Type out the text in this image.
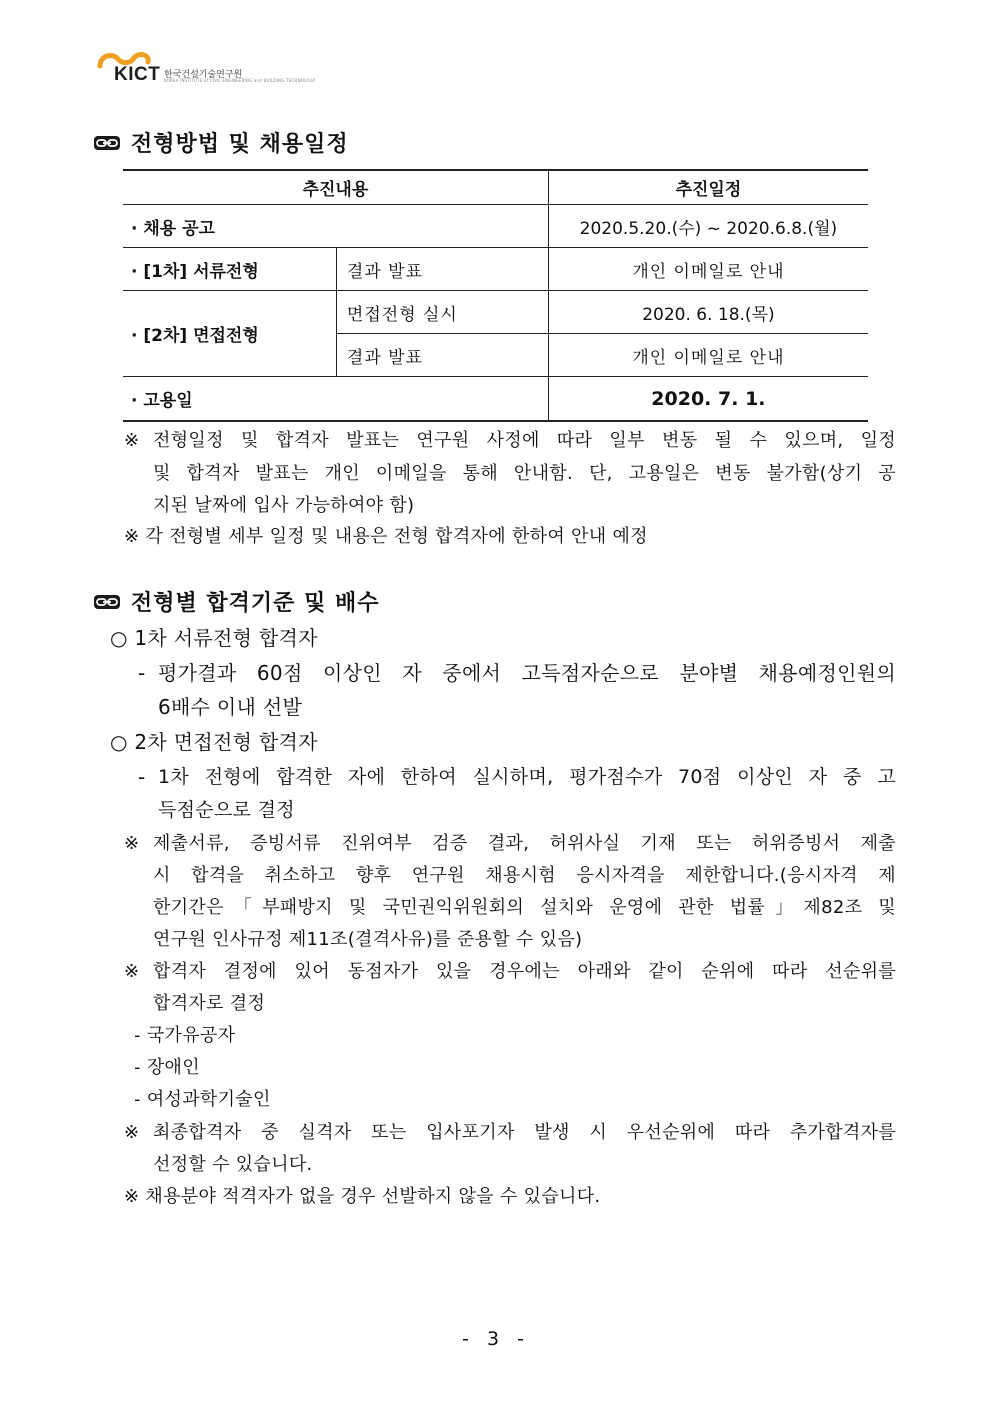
KICT 한국건설기술연구원
KOREA INSTITUTE of CIVIL ENGINEERING and BUILDING TECHNOLOGY
전형방법 및 채용일정
추진내용		추진일정
· 채용 공고		2020.5.20.(수) ~ 2020.6.8.(월)
· [1차] 서류전형	결과 발표	개인 이메일로 안내
· [2차] 면접전형	면접전형 실시	2020. 6. 18.(목)
	결과 발표	개인 이메일로 안내
· 고용일		2020. 7. 1.
※ 전형일정 및 합격자 발표는 연구원 사정에 따라 일부 변동 될 수 있으며, 일정
및 합격자 발표는 개인 이메일을 통해 안내함. 단, 고용일은 변동 불가함(상기 공
지된 날짜에 입사 가능하여야 함)
※ 각 전형별 세부 일정 및 내용은 전형 합격자에 한하여 안내 예정
전형별 합격기준 및 배수
○ 1차 서류전형 합격자
- 평가결과 60점 이상인 자 중에서 고득점자순으로 분야별 채용예정인원의
6배수 이내 선발
○ 2차 면접전형 합격자
- 1차 전형에 합격한 자에 한하여 실시하며, 평가점수가 70점 이상인 자 중 고
득점순으로 결정
※ 제출서류, 증빙서류 진위여부 검증 결과, 허위사실 기재 또는 허위증빙서 제출
시 합격을 취소하고 향후 연구원 채용시험 응시자격을 제한합니다.(응시자격 제
한기간은「부패방지 및 국민권익위원회의 설치와 운영에 관한 법률」제82조 및
연구원 인사규정 제11조(결격사유)를 준용할 수 있음)
※ 합격자 결정에 있어 동점자가 있을 경우에는 아래와 같이 순위에 따라 선순위를
합격자로 결정
- 국가유공자
- 장애인
- 여성과학기술인
※ 최종합격자 중 실격자 또는 입사포기자 발생 시 우선순위에 따라 추가합격자를
선정할 수 있습니다.
※ 채용분야 적격자가 없을 경우 선발하지 않을 수 있습니다.
- 3 -
